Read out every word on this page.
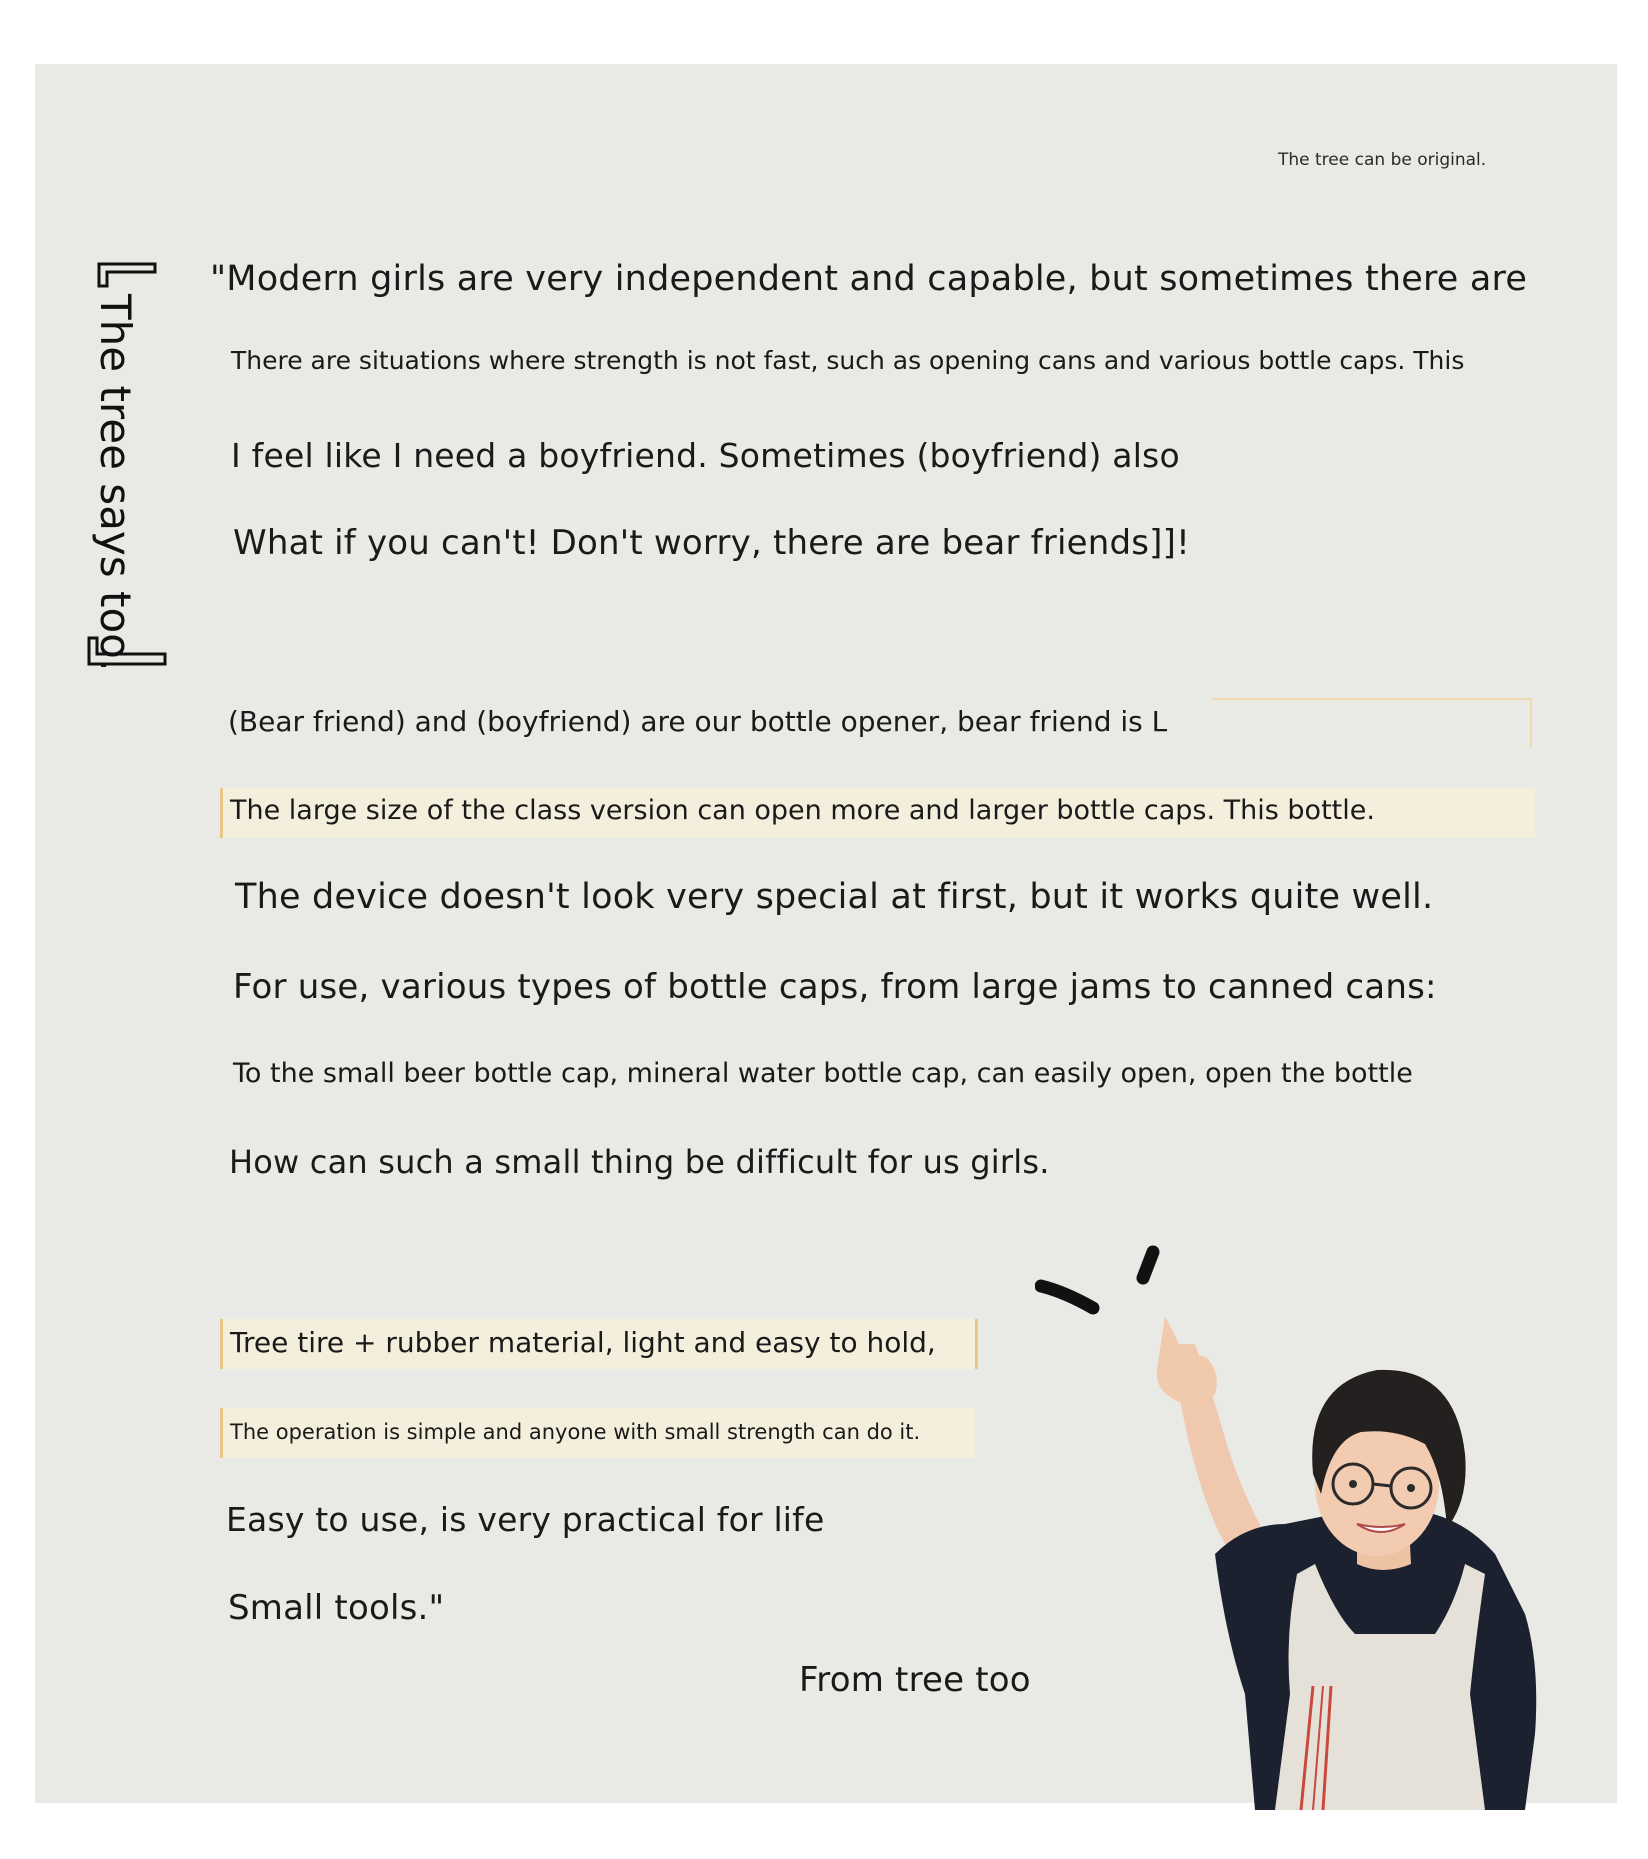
The tree can be original.
The tree says too.
"Modern girls are very independent and capable, but sometimes there are
There are situations where strength is not fast, such as opening cans and various bottle caps. This
I feel like I need a boyfriend. Sometimes (boyfriend) also
What if you can't! Don't worry, there are bear friends]]!
(Bear friend) and (boyfriend) are our bottle opener, bear friend is L
The large size of the class version can open more and larger bottle caps. This bottle.
The device doesn't look very special at first, but it works quite well.
For use, various types of bottle caps, from large jams to canned cans:
To the small beer bottle cap, mineral water bottle cap, can easily open, open the bottle
How can such a small thing be difficult for us girls.
Tree tire + rubber material, light and easy to hold,
The operation is simple and anyone with small strength can do it.
Easy to use, is very practical for life
Small tools."
From tree too
